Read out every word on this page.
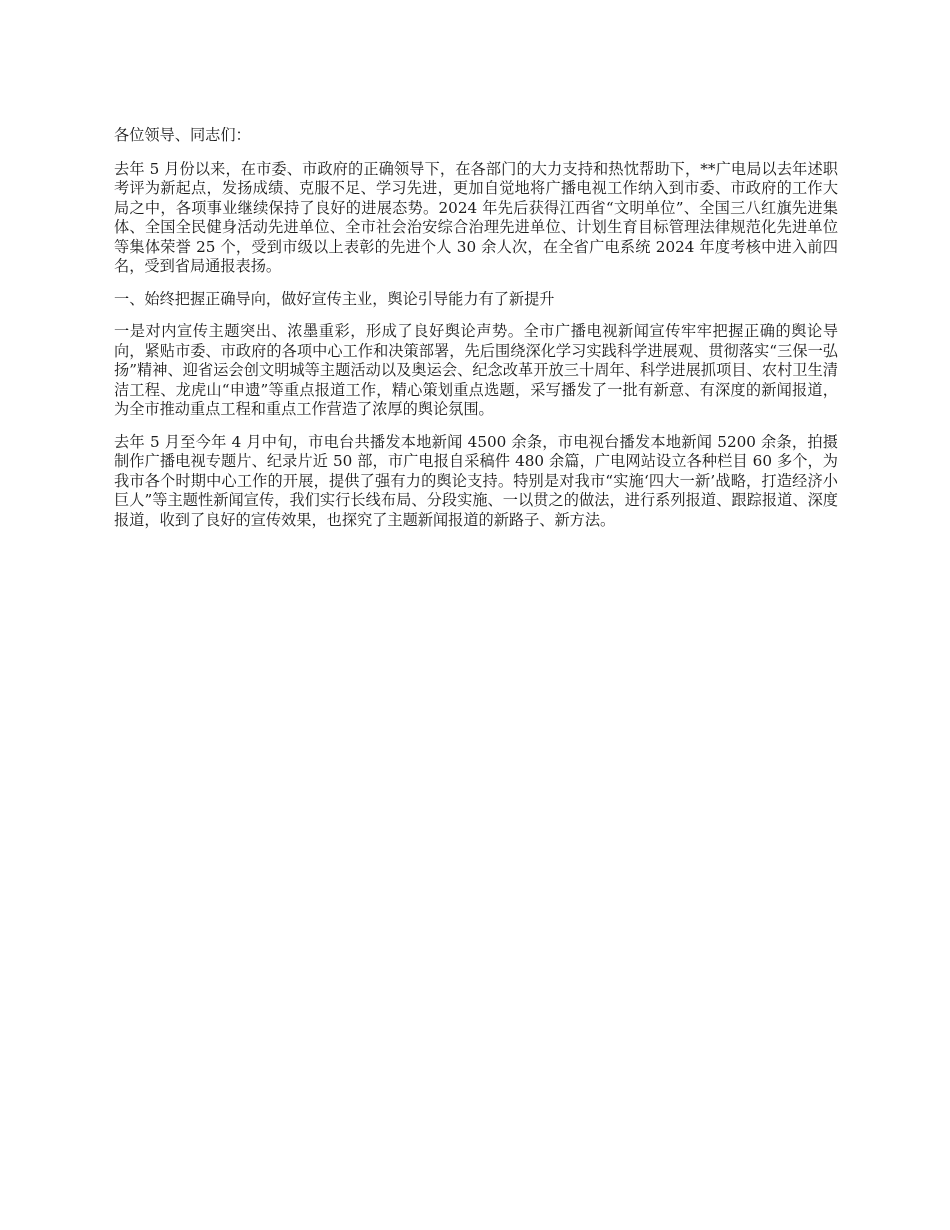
各位领导、同志们：

去年 5 月份以来，在市委、市政府的正确领导下，在各部门的大力支持和热忱帮助下，**广电局以去年述职考评为新起点，发扬成绩、克服不足、学习先进，更加自觉地将广播电视工作纳入到市委、市政府的工作大局之中，各项事业继续保持了良好的进展态势。2024 年先后获得江西省“文明单位”、全国三八红旗先进集体、全国全民健身活动先进单位、全市社会治安综合治理先进单位、计划生育目标管理法律规范化先进单位等集体荣誉 25 个，受到市级以上表彰的先进个人 30 余人次，在全省广电系统 2024 年度考核中进入前四名，受到省局通报表扬。

一、始终把握正确导向，做好宣传主业，舆论引导能力有了新提升

一是对内宣传主题突出、浓墨重彩，形成了良好舆论声势。全市广播电视新闻宣传牢牢把握正确的舆论导向，紧贴市委、市政府的各项中心工作和决策部署，先后围绕深化学习实践科学进展观、贯彻落实“三保一弘扬”精神、迎省运会创文明城等主题活动以及奥运会、纪念改革开放三十周年、科学进展抓项目、农村卫生清洁工程、龙虎山“申遗”等重点报道工作，精心策划重点选题，采写播发了一批有新意、有深度的新闻报道，为全市推动重点工程和重点工作营造了浓厚的舆论氛围。

去年 5 月至今年 4 月中旬，市电台共播发本地新闻 4500 余条，市电视台播发本地新闻 5200 余条，拍摄制作广播电视专题片、纪录片近 50 部，市广电报自采稿件 480 余篇，广电网站设立各种栏目 60 多个，为我市各个时期中心工作的开展，提供了强有力的舆论支持。特别是对我市“实施‘四大一新’战略，打造经济小巨人”等主题性新闻宣传，我们实行长线布局、分段实施、一以贯之的做法，进行系列报道、跟踪报道、深度报道，收到了良好的宣传效果，也探究了主题新闻报道的新路子、新方法。
